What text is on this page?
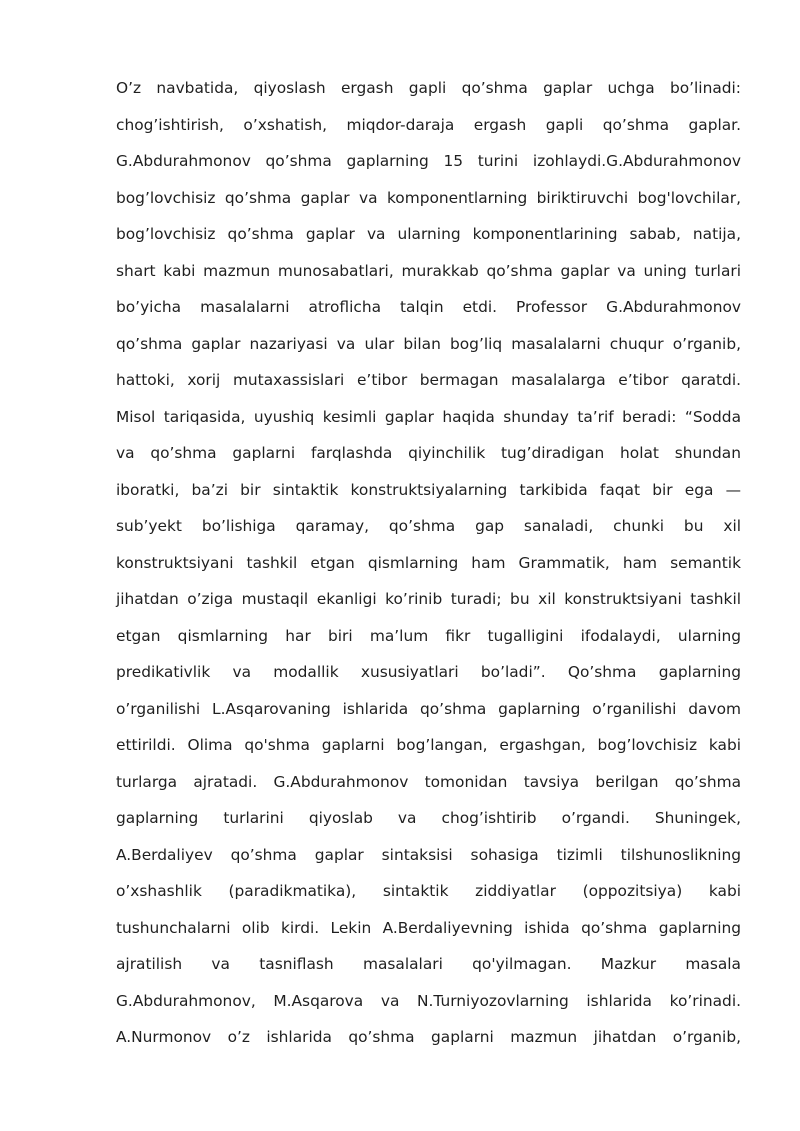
O’z navbatida, qiyoslash ergash gapli qo’shma gaplar uchga bo’linadi:
chog’ishtirish, o’xshatish, miqdor-daraja ergash gapli qo’shma gaplar.
G.Abdurahmonov qo’shma gaplarning 15 turini izohlaydi.G.Abdurahmonov
bog’lovchisiz qo’shma gaplar va komponentlarning biriktiruvchi bog'lovchilar,
bog’lovchisiz qo’shma gaplar va ularning komponentlarining sabab, natija,
shart kabi mazmun munosabatlari, murakkab qo’shma gaplar va uning turlari
bo’yicha masalalarni atroflicha talqin etdi. Professor G.Abdurahmonov
qo’shma gaplar nazariyasi va ular bilan bog’liq masalalarni chuqur o’rganib,
hattoki, xorij mutaxassislari e’tibor bermagan masalalarga e’tibor qaratdi.
Misol tariqasida, uyushiq kesimli gaplar haqida shunday ta’rif beradi: “Sodda
va qo’shma gaplarni farqlashda qiyinchilik tug’diradigan holat shundan
iboratki, ba’zi bir sintaktik konstruktsiyalarning tarkibida faqat bir ega —
sub’yekt bo’lishiga qaramay, qo’shma gap sanaladi, chunki bu xil
konstruktsiyani tashkil etgan qismlarning ham Grammatik, ham semantik
jihatdan o’ziga mustaqil ekanligi ko’rinib turadi; bu xil konstruktsiyani tashkil
etgan qismlarning har biri ma’lum fikr tugalligini ifodalaydi, ularning
predikativlik va modallik xususiyatlari bo’ladi”. Qo’shma gaplarning
o’rganilishi L.Asqarovaning ishlarida qo’shma gaplarning o’rganilishi davom
ettirildi. Olima qo'shma gaplarni bog’langan, ergashgan, bog’lovchisiz kabi
turlarga ajratadi. G.Abdurahmonov tomonidan tavsiya berilgan qo’shma
gaplarning turlarini qiyoslab va chog’ishtirib o’rgandi. Shuningek,
A.Berdaliyev qo’shma gaplar sintaksisi sohasiga tizimli tilshunoslikning
o’xshashlik (paradikmatika), sintaktik ziddiyatlar (oppozitsiya) kabi
tushunchalarni olib kirdi. Lekin A.Berdaliyevning ishida qo’shma gaplarning
ajratilish va tasniflash masalalari qo'yilmagan. Mazkur masala
G.Abdurahmonov, M.Asqarova va N.Turniyozovlarning ishlarida ko’rinadi.
A.Nurmonov o’z ishlarida qo’shma gaplarni mazmun jihatdan o’rganib,
